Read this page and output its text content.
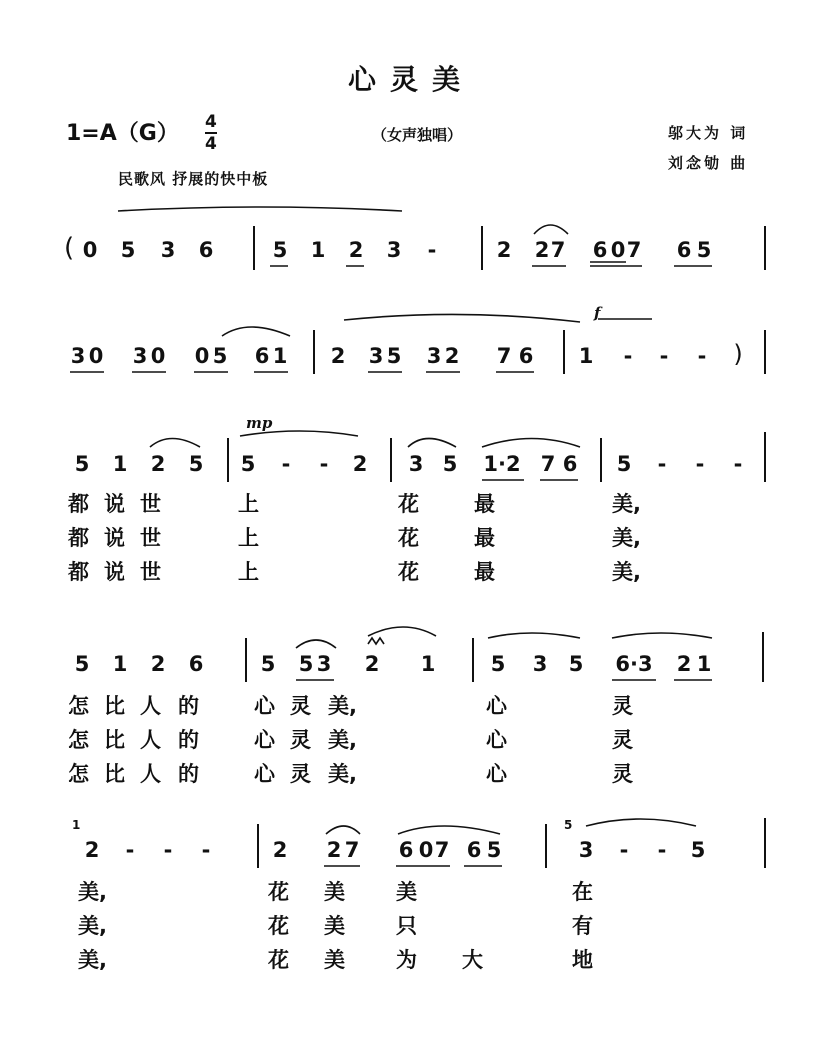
心灵美
$1=A(G) \frac{4}{4}$	（女声独唱）	邬大为 词
刘念劬 曲
民歌风 抒展的快中板
( 0 5 3 6	5 1 2 3 -	2 2 7 6 0 7 6 5
3 0 3 0 0 5 6 1 2 3 5 3 2 7 6 1 - - - )
f
mp
5 1 2 5 5 - - 2 3 5 1·2 7 6 5 - - -
都 说 世	上	花	最	美,
都 说 世	上	花	最	美,
都 说 世	上	花	最	美,
5 1 2 6	5 5 3 2 1	5 3 5 6·3 2 1
怎 比 人 的	心 灵 美,	心	灵
怎 比 人 的	心 灵 美,	心	灵
怎 比 人 的	心 灵 美,	心	灵
1	5
2 - - -	2 2 7 6 0 7 6 5	3 - - 5
美,	花 美 美	在
美,	花 美 只	有
美,	花 美 为 大	地
